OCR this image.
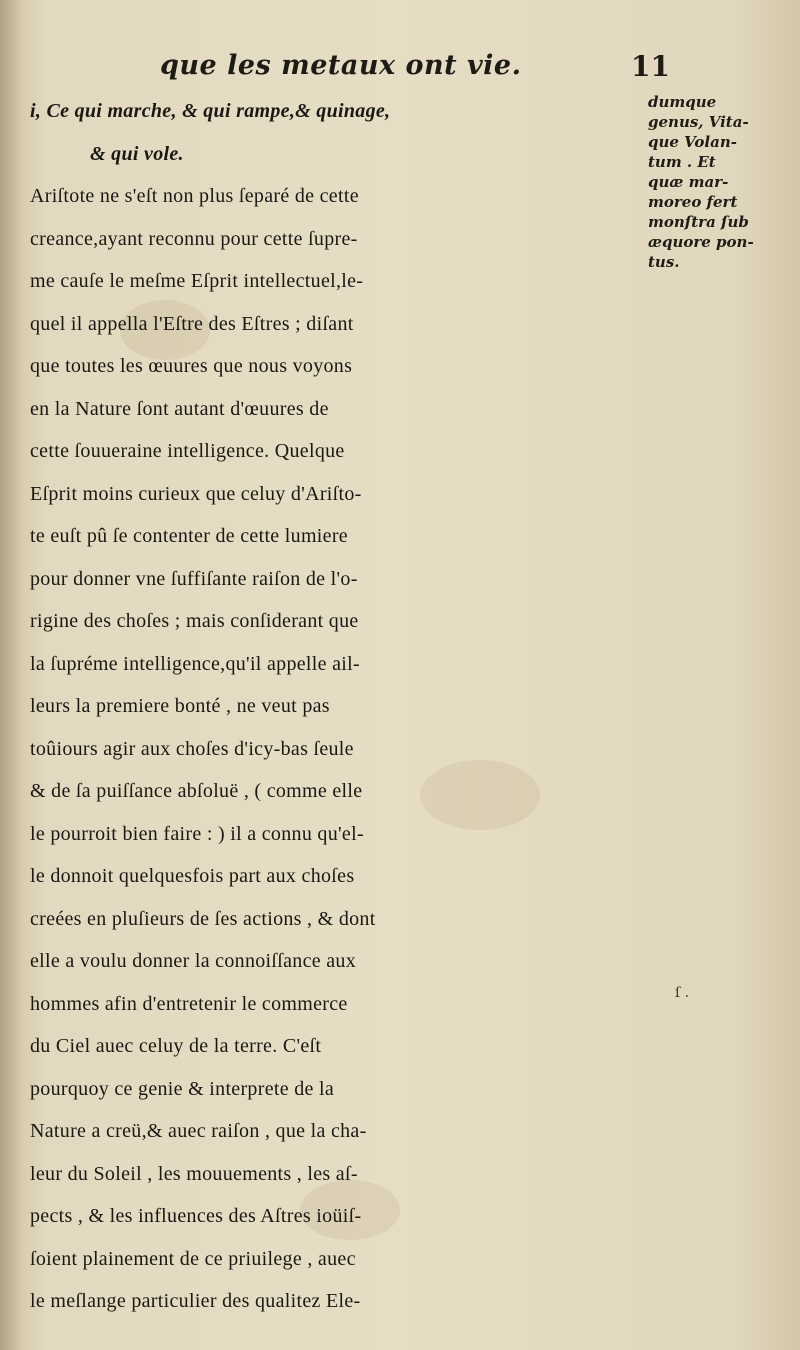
que les metaux ont vie.	11
i, Ce qui marche, & qui rampe,& quinage,
& qui vole.
Ariſtote ne s'eſt non plus ſeparé de cette
creance,ayant reconnu pour cette ſupre-
me cauſe le meſme Eſprit intellectuel,le-
quel il appella l'Eſtre des Eſtres ; diſant
que toutes les œuures que nous voyons
en la Nature ſont autant d'œuures de
cette ſouueraine intelligence. Quelque
Eſprit moins curieux que celuy d'Ariſto-
te euſt pû ſe contenter de cette lumiere
pour donner vne ſuffiſante raiſon de l'o-
rigine des choſes ; mais conſiderant que
la ſupréme intelligence,qu'il appelle ail-
leurs la premiere bonté , ne veut pas
toûiours agir aux choſes d'icy-bas ſeule
& de ſa puiſſance abſoluë , ( comme elle
le pourroit bien faire : ) il a connu qu'el-
le donnoit quelquesfois part aux choſes
creées en pluſieurs de ſes actions , & dont
elle a voulu donner la connoiſſance aux
hommes afin d'entretenir le commerce
du Ciel auec celuy de la terre. C'eſt
pourquoy ce genie & interprete de la
Nature a creü,& auec raiſon , que la cha-
leur du Soleil , les mouuements , les aſ-
pects , & les influences des Aſtres ioüiſ-
ſoient plainement de ce priuilege , auec
le meſlange particulier des qualitez Ele-
dumque
genus, Vita-
que Volan-
tum . Et
quæ mar-
moreo fert
monſtra ſub
æquore pon-
tus.
ſ .
